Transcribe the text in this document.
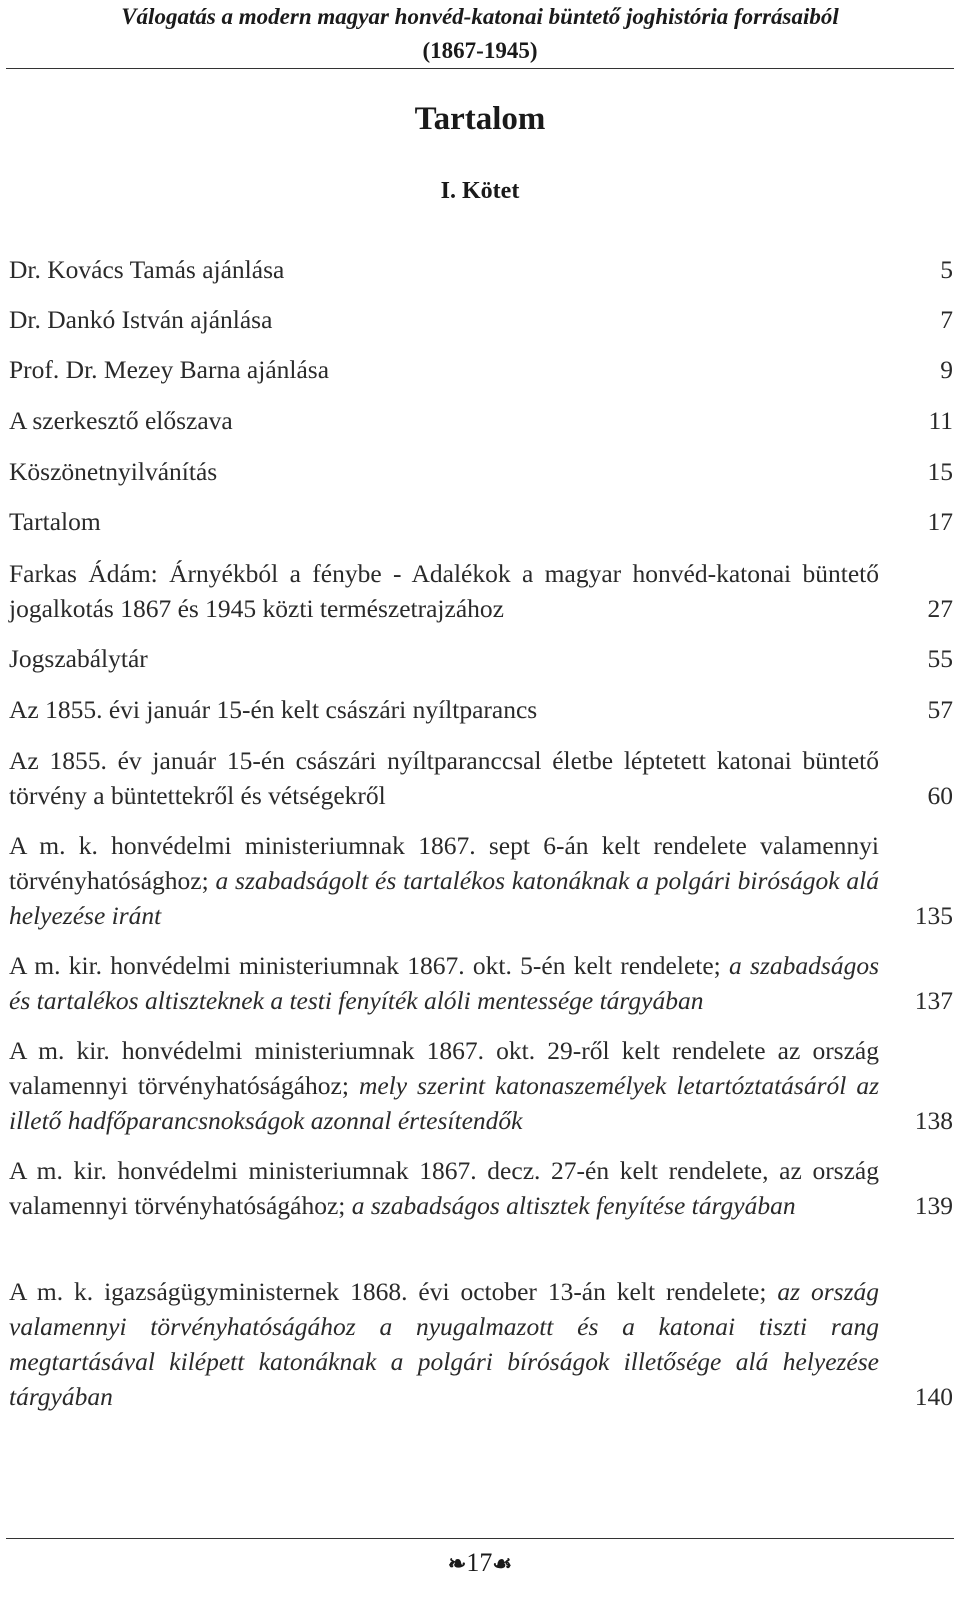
Válogatás a modern magyar honvéd-katonai büntető joghistória forrásaiból
(1867-1945)
Tartalom
I. Kötet
Dr. Kovács Tamás ajánlása	5
Dr. Dankó István ajánlása	7
Prof. Dr. Mezey Barna ajánlása	9
A szerkesztő előszava	11
Köszönetnyilvánítás	15
Tartalom	17
Farkas Ádám: Árnyékból a fénybe - Adalékok a magyar honvéd-katonai büntető jogalkotás 1867 és 1945 közti természetrajzához	27
Jogszabálytár	55
Az 1855. évi január 15-én kelt császári nyíltparancs	57
Az 1855. év január 15-én császári nyíltparanccsal életbe léptetett katonai büntető törvény a büntettekről és vétségekről	60
A m. k. honvédelmi ministeriumnak 1867. sept 6-án kelt rendelete valamennyi törvényhatósághoz; a szabadságolt és tartalékos katonáknak a polgári biróságok alá helyezése iránt	135
A m. kir. honvédelmi ministeriumnak 1867. okt. 5-én kelt rendelete; a szabadságos és tartalékos altiszteknek a testi fenyíték alóli mentessége tárgyában	137
A m. kir. honvédelmi ministeriumnak 1867. okt. 29-ről kelt rendelete az ország valamennyi törvényhatóságához; mely szerint katonaszemélyek letartóztatásáról az illető hadfőparancsnokságok azonnal értesítendők	138
A m. kir. honvédelmi ministeriumnak 1867. decz. 27-én kelt rendelete, az ország valamennyi törvényhatóságához; a szabadságos altisztek fenyítése tárgyában	139
A m. k. igazságügyministernek 1868. évi october 13-án kelt rendelete; az ország valamennyi törvényhatóságához a nyugalmazott és a katonai tiszti rang megtartásával kilépett katonáknak a polgári bíróságok illetősége alá helyezése tárgyában	140
❧17☙
